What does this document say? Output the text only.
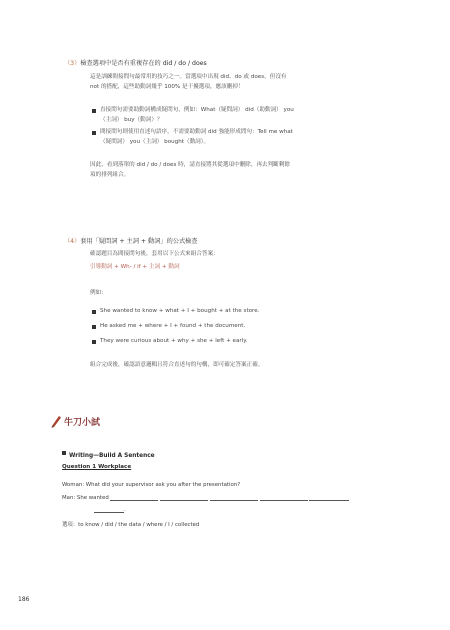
（3）檢查選項中是否有重複存在的 did / do / does
這是訓練間接問句最常用的技巧之一。當選項中出現 did、do 或 does，但沒有
not 的搭配，這些助動詞幾乎 100% 是干擾選項，應該刪掉！
直接問句需要助動詞構成疑問句，例如：What（疑問詞） did（助動詞） you
（主詞） buy（動詞）？
間接問句則使用直述句語序，不需要助動詞 did 強能形成問句：Tell me what
（疑問詞） you（主詞） bought（動詞）。
因此，看到落單的 did / do / does 時，請直接將其從選項中刪除，再去判斷剩餘
項的排列組合。
（4）套用「疑問詞 + 主詞 + 動詞」的公式檢查
確認題目為間接問句後，套用以下公式來組合答案：
引導動詞 + Wh- / if + 主詞 + 動詞
例如：
She wanted to know + what + I + bought + at the store.
He asked me + where + I + found + the document.
They were curious about + why + she + left + early.
組合完成後，確認語意邏輯且符合直述句的句構，即可確定答案正確。
牛刀小試
Writing—Build A Sentence
Question 1 Workplace
Woman: What did your supervisor ask you after the presentation?
Man: She wanted
.
選項：to know / did / the data / where / I / collected
186
